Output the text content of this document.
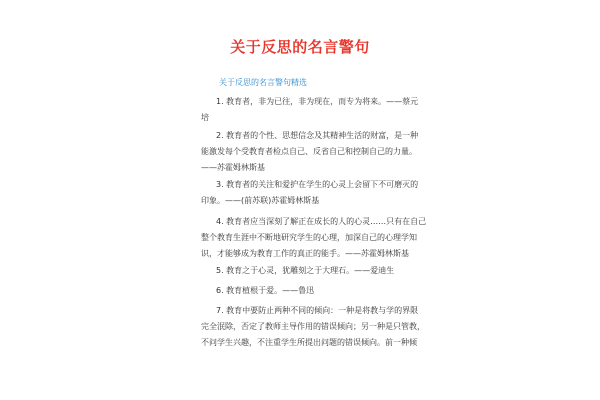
关于反思的名言警句
关于反思的名言警句精选
1. 教育者，非为已往，非为现在，而专为将来。——蔡元
培
2. 教育者的个性、思想信念及其精神生活的财富，是一种
能激发每个受教育者检点自己、反省自己和控制自己的力量。
——苏霍姆林斯基
3. 教育者的关注和爱护在学生的心灵上会留下不可磨灭的
印象。——(前苏联)苏霍姆林斯基
4. 教育者应当深刻了解正在成长的人的心灵……只有在自己
整个教育生涯中不断地研究学生的心理，加深自己的心理学知
识，才能够成为教育工作的真正的能手。——苏霍姆林斯基
5. 教育之于心灵，犹雕刻之于大理石。——爱迪生
6. 教育植根于爱。——鲁迅
7. 教育中要防止两种不同的倾向：一种是将教与学的界限
完全泯除，否定了教师主导作用的错误倾向；另一种是只管教，
不问学生兴趣，不注重学生所提出问题的错误倾向。前一种倾
